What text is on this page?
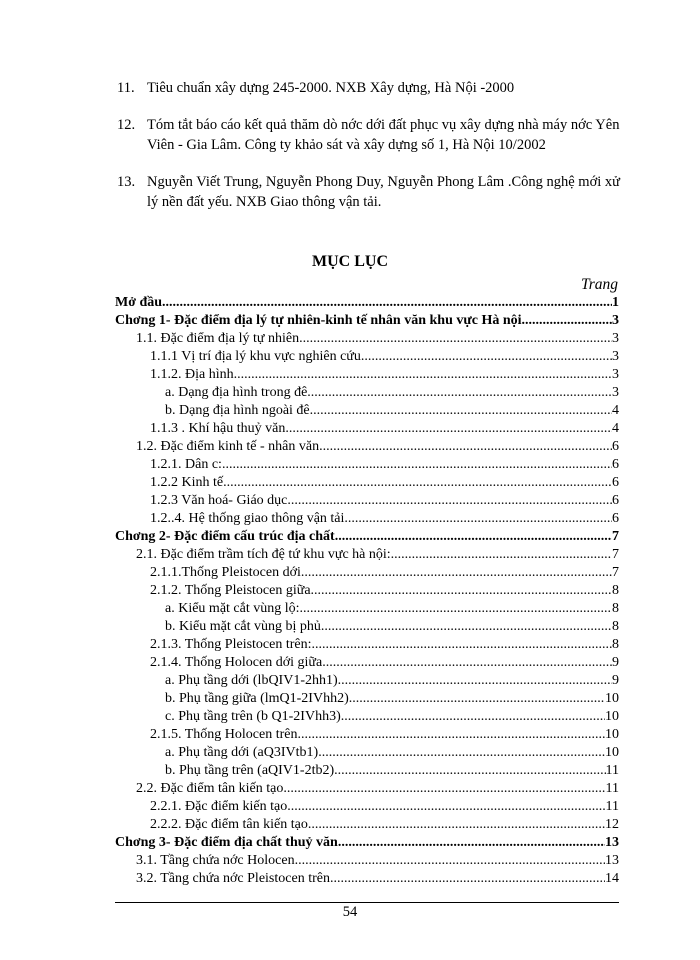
11. Tiêu chuẩn xây dựng 245-2000. NXB Xây dựng, Hà Nội -2000
12. Tóm tắt báo cáo kết quả thăm dò nớc dới đất phục vụ xây dựng nhà máy nớc Yên Viên - Gia Lâm. Công ty khảo sát và xây dựng số 1, Hà Nội 10/2002
13. Nguyễn Viết Trung, Nguyễn Phong Duy, Nguyễn Phong Lâm .Công nghệ mới xử lý nền đất yếu. NXB Giao thông vận tải.
MỤC LỤC
Trang
Mở đầu .....	1
Chơng 1- Đặc điểm địa lý tự nhiên-kinh tế nhân văn khu vực Hà nội .....	3
1.1. Đặc điểm địa lý tự nhiên .....	3
1.1.1 Vị trí địa lý khu vực nghiên cứu. .....	3
1.1.2. Địa hình. .....	3
a. Dạng địa hình trong đê. .....	3
b. Dạng địa hình ngoài đê. .....	4
1.1.3 . Khí hậu thuỷ văn. .....	4
1.2. Đặc điểm kinh tế - nhân văn. .....	6
1.2.1. Dân c: .....	6
1.2.2 Kinh tế. .....	6
1.2.3 Văn hoá- Giáo dục .....	6
1.2..4. Hệ thống giao thông vận tải .....	6
Chơng 2- Đặc điểm cấu trúc địa chất .....	7
2.1. Đặc điểm trầm tích đệ tứ khu vực hà nội: .....	7
2.1.1.Thống Pleistocen dới .....	7
2.1.2. Thống Pleistocen giữa. .....	8
a. Kiểu mặt cắt vùng lộ: .....	8
b. Kiểu mặt cắt vùng bị phủ. .....	8
2.1.3. Thống Pleistocen trên: .....	8
2.1.4. Thống Holocen dới giữa. .....	9
a. Phụ tầng dới (lbQIV1-2hh1) .....	9
b. Phụ tầng giữa (lmQ1-2IVhh2) .....	10
c. Phụ tầng trên (b Q1-2IVhh3) .....	10
2.1.5. Thống Holocen trên. .....	10
a. Phụ tầng dới (aQ3IVtb1) .....	10
b. Phụ tầng trên (aQIV1-2tb2) .....	11
2.2. Đặc điểm tân kiến tạo .....	11
2.2.1. Đặc điểm kiến tạo .....	11
2.2.2. Đặc điểm tân kiến tạo .....	12
Chơng 3- Đặc điểm địa chất thuỷ văn. .....	13
3.1. Tầng chứa nớc Holocen .....	13
3.2. Tầng chứa nớc Pleistocen trên. .....	14
54
